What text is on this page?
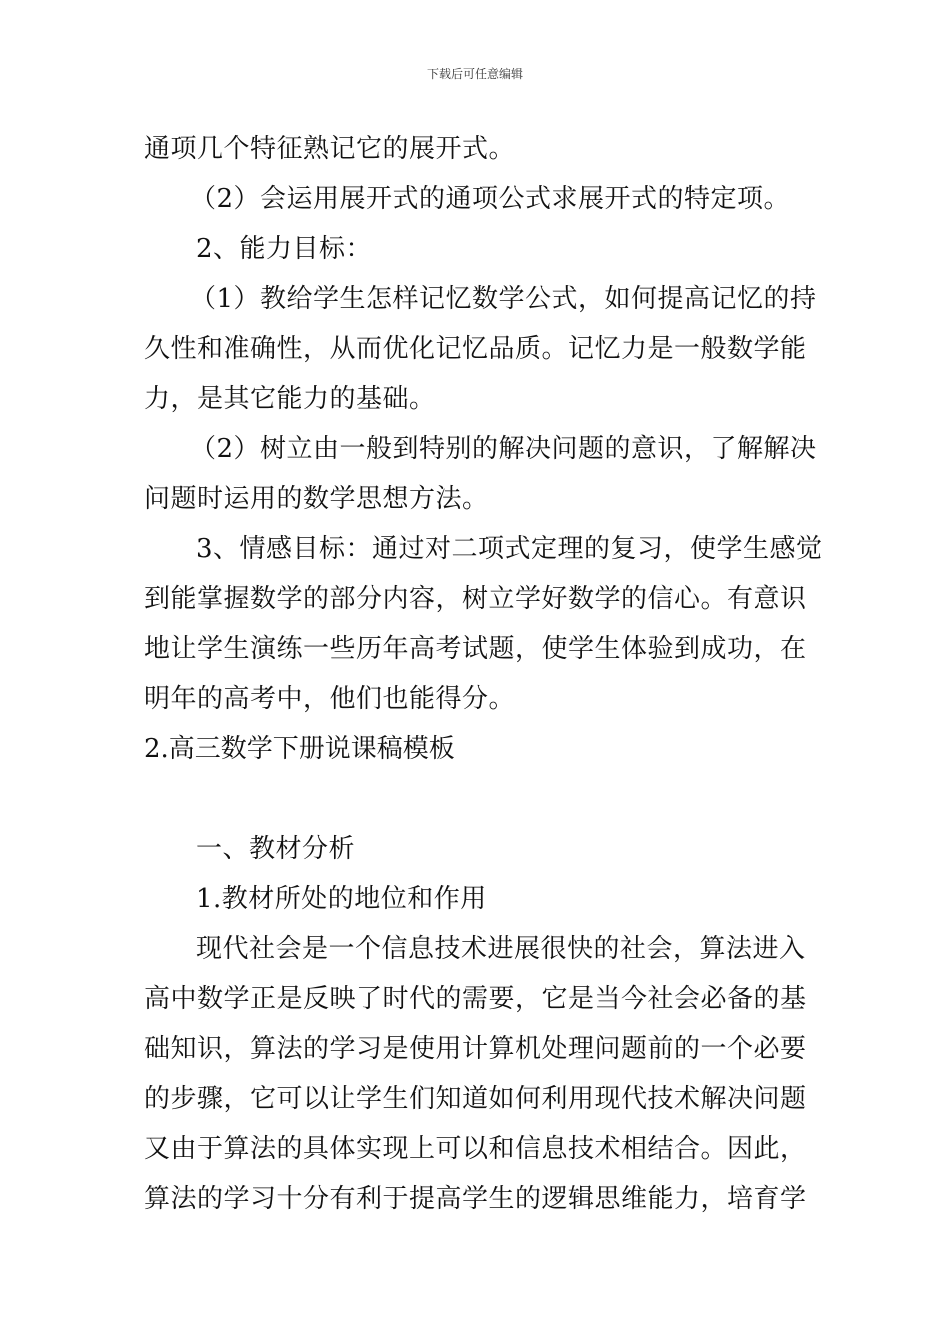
下载后可任意编辑
通项几个特征熟记它的展开式。
（2）会运用展开式的通项公式求展开式的特定项。
2、能力目标：
（1）教给学生怎样记忆数学公式，如何提高记忆的持
久性和准确性，从而优化记忆品质。记忆力是一般数学能
力，是其它能力的基础。
（2）树立由一般到特别的解决问题的意识，了解解决
问题时运用的数学思想方法。
3、情感目标：通过对二项式定理的复习，使学生感觉
到能掌握数学的部分内容，树立学好数学的信心。有意识
地让学生演练一些历年高考试题，使学生体验到成功，在
明年的高考中，他们也能得分。
2.高三数学下册说课稿模板
一、教材分析
1.教材所处的地位和作用
现代社会是一个信息技术进展很快的社会，算法进入
高中数学正是反映了时代的需要，它是当今社会必备的基
础知识，算法的学习是使用计算机处理问题前的一个必要
的步骤，它可以让学生们知道如何利用现代技术解决问题
又由于算法的具体实现上可以和信息技术相结合。因此，
算法的学习十分有利于提高学生的逻辑思维能力，培育学
